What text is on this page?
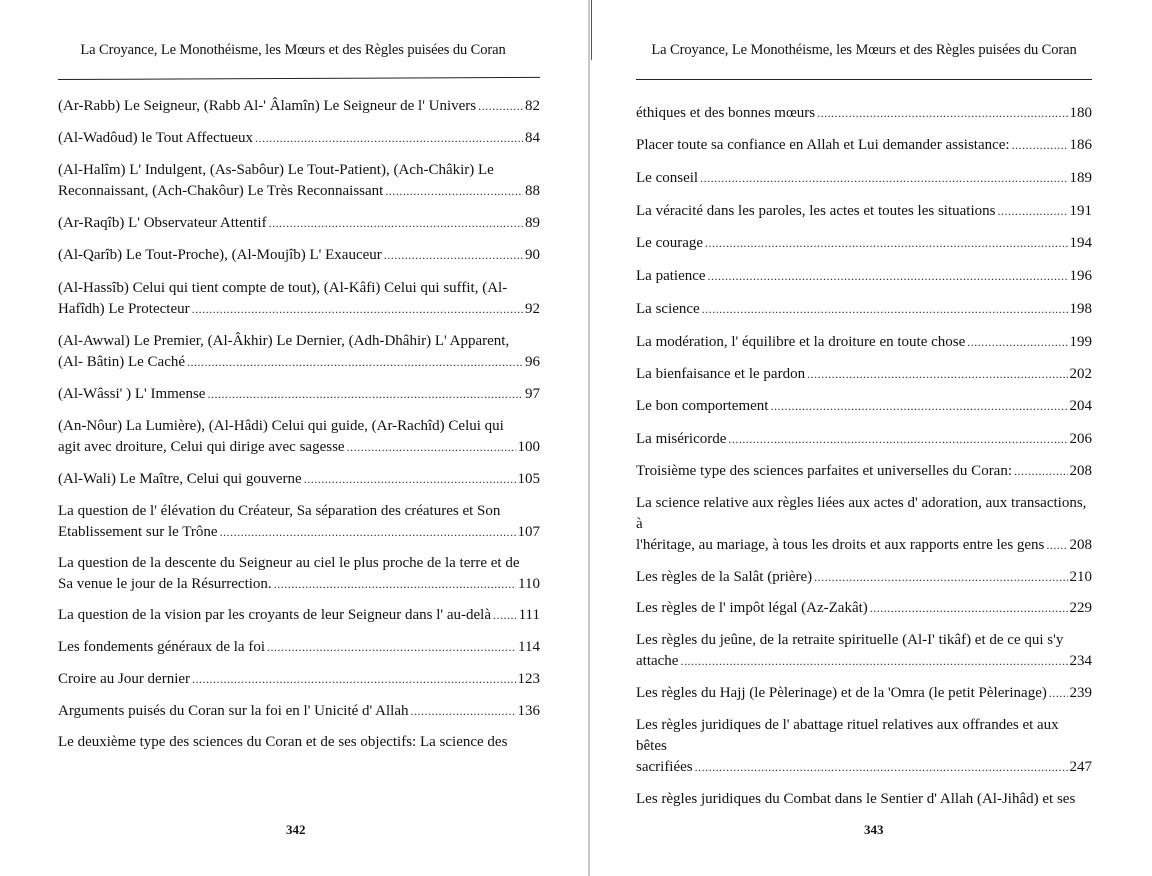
La Croyance, Le Monothéisme, les Mœurs et des Règles puisées du Coran
(Ar-Rabb) Le Seigneur, (Rabb Al-' Âlamîn) Le Seigneur de l' Univers .....	82
(Al-Wadôud) le Tout Affectueux .....	84
(Al-Halîm) L' Indulgent, (As-Sabôur) Le Tout-Patient), (Ach-Châkir) Le
Reconnaissant, (Ach-Chakôur) Le Très Reconnaissant .....	88
(Ar-Raqîb) L' Observateur Attentif .....	89
(Al-Qarîb) Le Tout-Proche), (Al-Moujîb) L' Exauceur .....	90
(Al-Hassîb) Celui qui tient compte de tout), (Al-Kâfi) Celui qui suffit, (Al-
Hafîdh) Le Protecteur .....	92
(Al-Awwal) Le Premier, (Al-Âkhir) Le Dernier, (Adh-Dhâhir) L' Apparent,
(Al- Bâtin) Le Caché .....	96
(Al-Wâssi' ) L' Immense .....	97
(An-Nôur) La Lumière), (Al-Hâdi) Celui qui guide, (Ar-Rachîd) Celui qui
agit avec droiture, Celui qui dirige avec sagesse .....	100
(Al-Wali) Le Maître, Celui qui gouverne .....	105
La question de l' élévation du Créateur, Sa séparation des créatures et Son
Etablissement sur le Trône .....	107
La question de la descente du Seigneur au ciel le plus proche de la terre et de
Sa venue le jour de la Résurrection. .....	110
La question de la vision par les croyants de leur Seigneur dans l' au-delà ..... 111
Les fondements généraux de la foi .....	114
Croire au Jour dernier .....	123
Arguments puisés du Coran sur la foi en l' Unicité d' Allah .....	136
Le deuxième type des sciences du Coran et de ses objectifs: La science des
342
La Croyance, Le Monothéisme, les Mœurs et des Règles puisées du Coran
éthiques et des bonnes mœurs .....	180
Placer toute sa confiance en Allah et Lui demander assistance: .....	186
Le conseil .....	189
La véracité dans les paroles, les actes et toutes les situations .....	191
Le courage .....	194
La patience .....	196
La science .....	198
La modération, l' équilibre et la droiture en toute chose .....	199
La bienfaisance et le pardon .....	202
Le bon comportement .....	204
La miséricorde .....	206
Troisième type des sciences parfaites et universelles du Coran: .....	208
La science relative aux règles liées aux actes d' adoration, aux transactions, à
l'héritage, au mariage, à tous les droits et aux rapports entre les gens ..... 208
Les règles de la Salât (prière) .....	210
Les règles de l' impôt légal (Az-Zakât) .....	229
Les règles du jeûne, de la retraite spirituelle (Al-I' tikâf) et de ce qui s'y
attache .....	234
Les règles du Hajj (le Pèlerinage) et de la 'Omra (le petit Pèlerinage) ..... 239
Les règles juridiques de l' abattage rituel relatives aux offrandes et aux bêtes
sacrifiées .....	247
Les règles juridiques du Combat dans le Sentier d' Allah (Al-Jihâd) et ses
343
